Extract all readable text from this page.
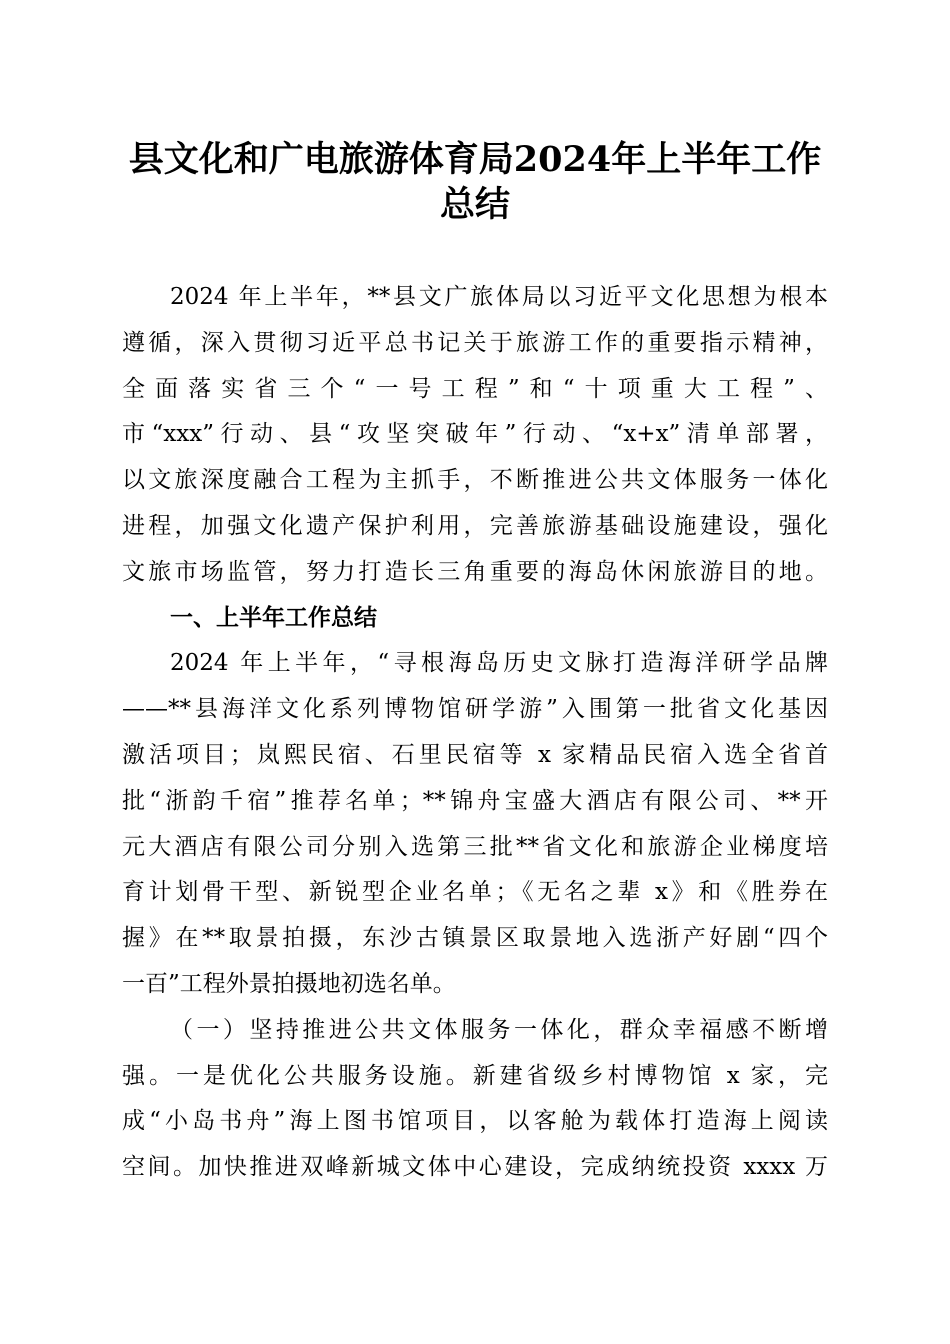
县文化和广电旅游体育局2024年上半年工作
总结
2024 年上半年，**县文广旅体局以习近平文化思想为根本
遵循，深入贯彻习近平总书记关于旅游工作的重要指示精神，
全面落实省三个“一号工程”和“十项重大工程”、
市“xxx”行动、县“攻坚突破年”行动、“x+x”清单部署，
以文旅深度融合工程为主抓手，不断推进公共文体服务一体化
进程，加强文化遗产保护利用，完善旅游基础设施建设，强化
文旅市场监管，努力打造长三角重要的海岛休闲旅游目的地。
一、上半年工作总结
2024 年上半年，“寻根海岛历史文脉打造海洋研学品牌
——**县海洋文化系列博物馆研学游”入围第一批省文化基因
激活项目；岚熙民宿、石里民宿等 x 家精品民宿入选全省首
批“浙韵千宿”推荐名单；**锦舟宝盛大酒店有限公司、**开
元大酒店有限公司分别入选第三批**省文化和旅游企业梯度培
育计划骨干型、新锐型企业名单；《无名之辈 x》和《胜券在
握》在**取景拍摄，东沙古镇景区取景地入选浙产好剧“四个
一百”工程外景拍摄地初选名单。
（一）坚持推进公共文体服务一体化，群众幸福感不断增
强。一是优化公共服务设施。新建省级乡村博物馆 x 家，完
成“小岛书舟”海上图书馆项目，以客舱为载体打造海上阅读
空间。加快推进双峰新城文体中心建设，完成纳统投资 xxxx 万
